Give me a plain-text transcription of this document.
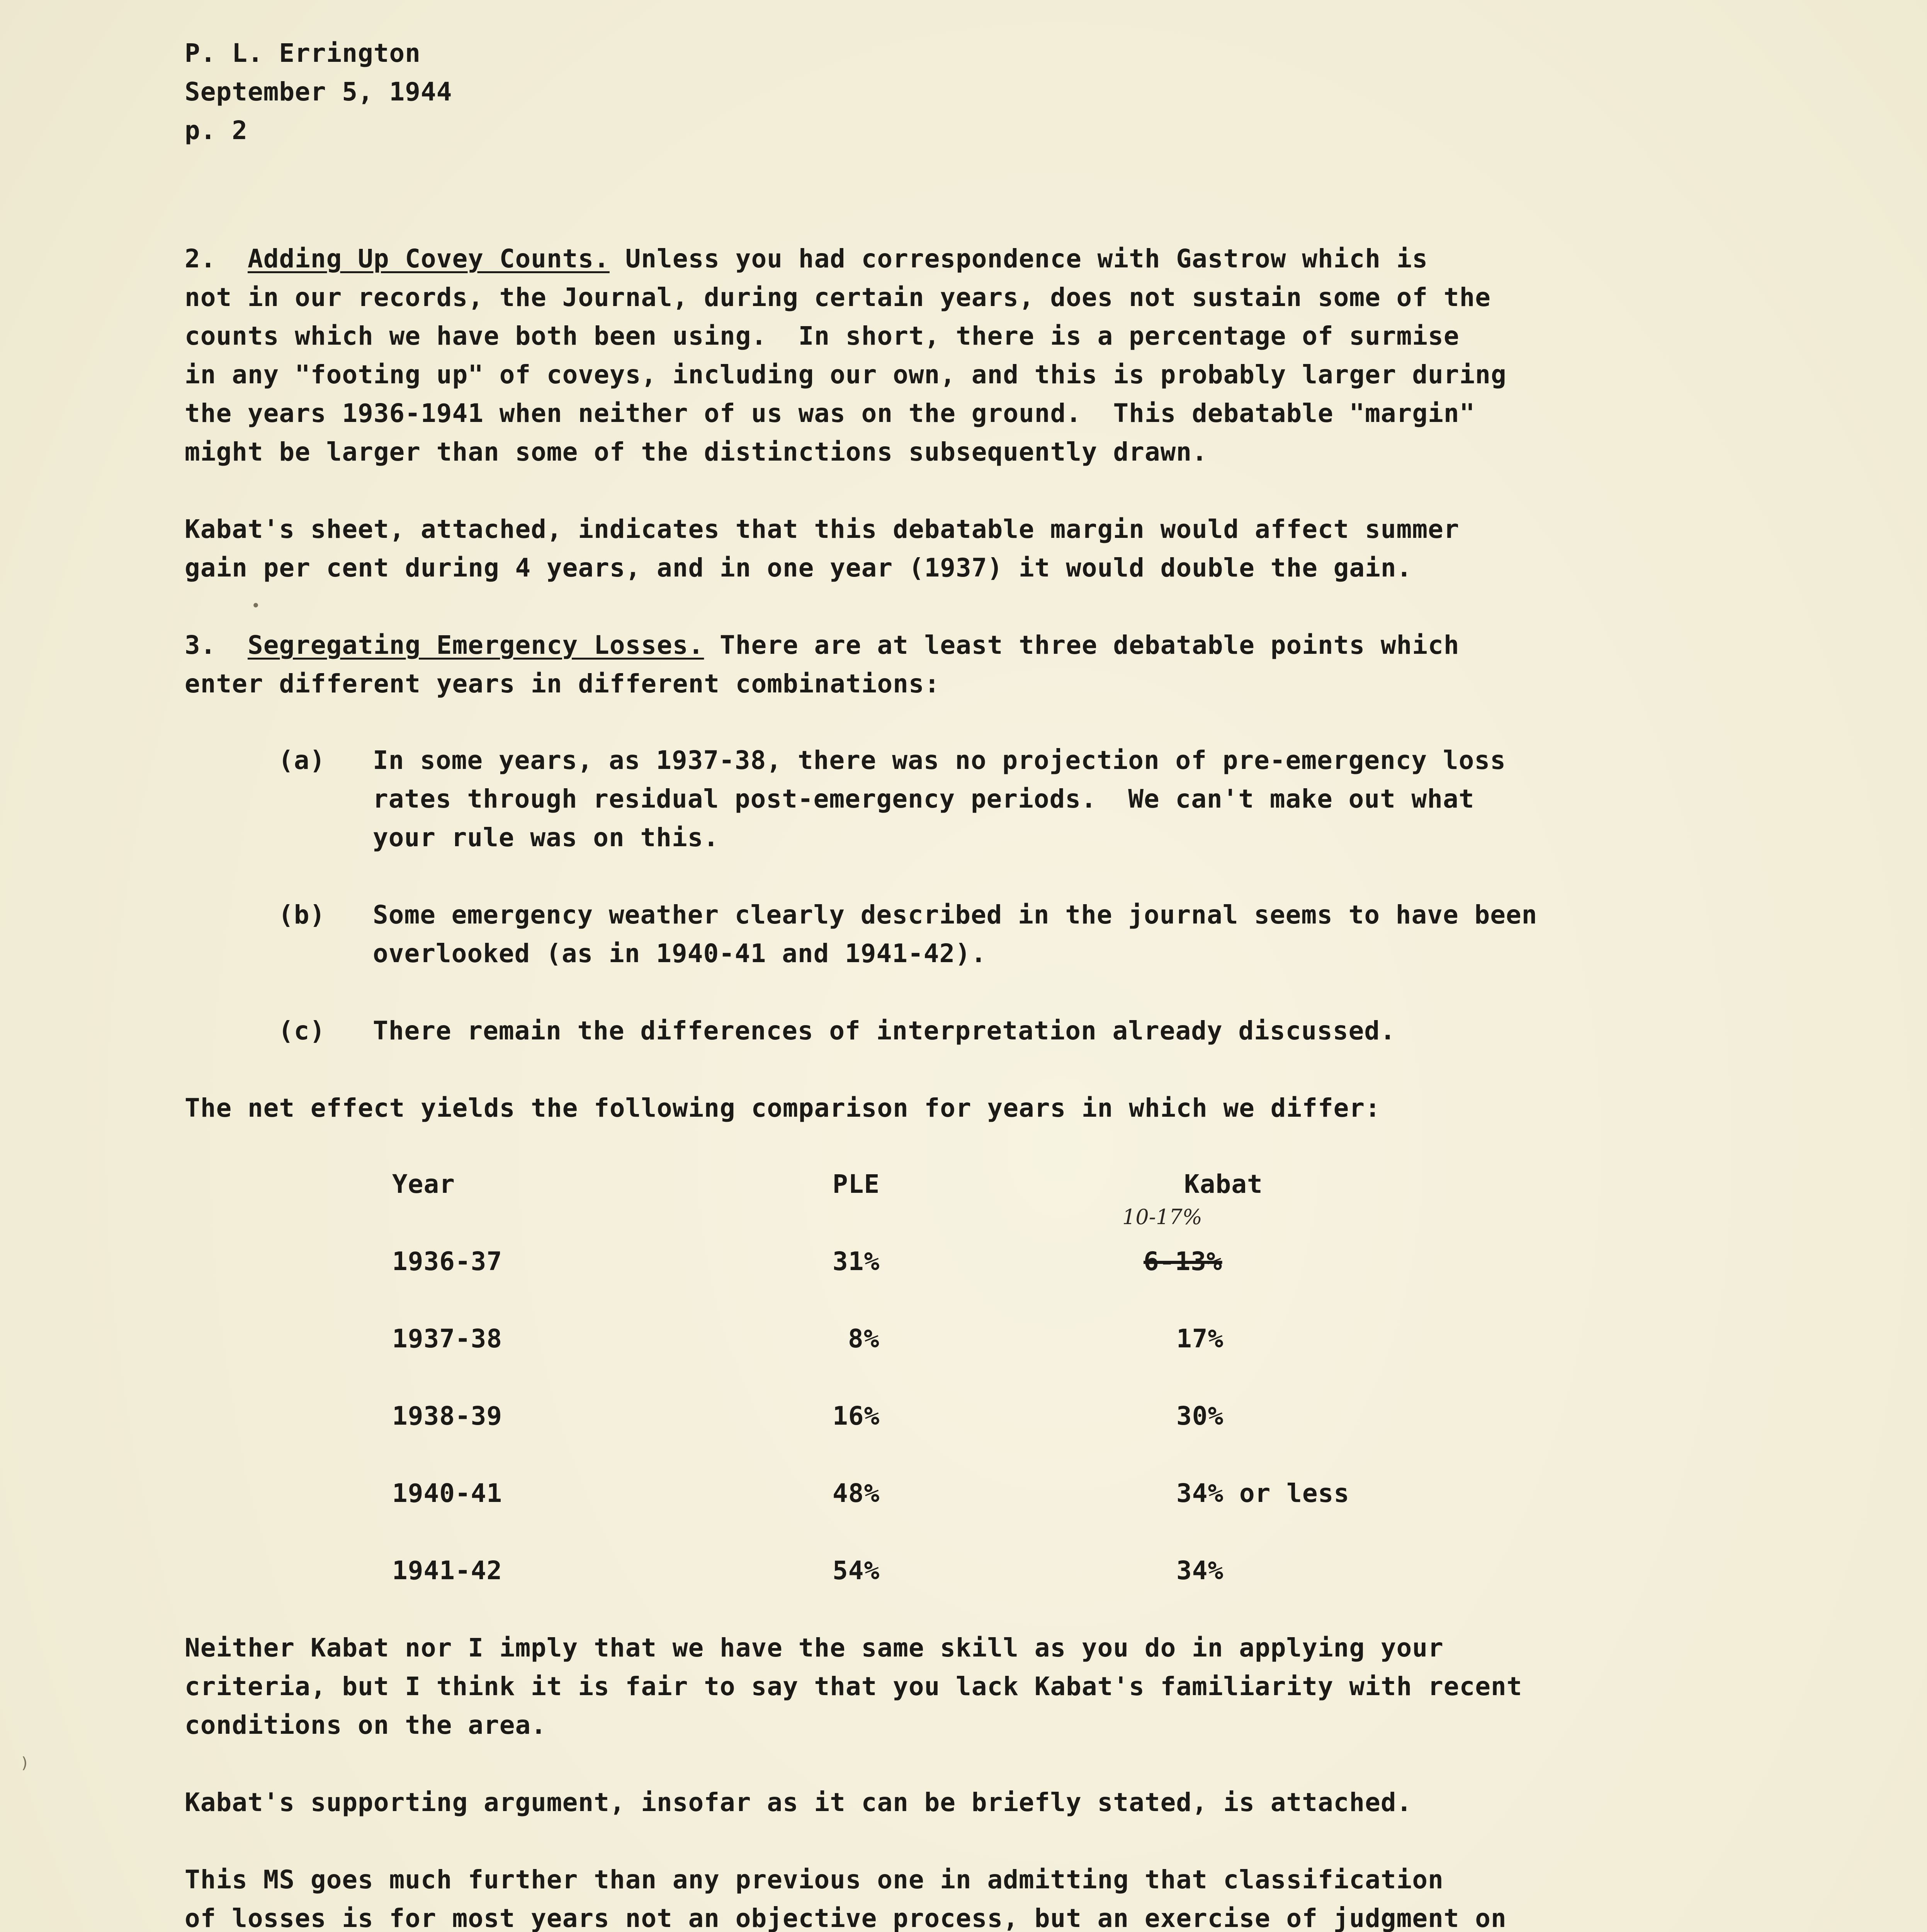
P. L. Errington
September 5, 1944
p. 2
2. Adding Up Covey Counts. Unless you had correspondence with Gastrow which is
not in our records, the Journal, during certain years, does not sustain some of the
counts which we have both been using.  In short, there is a percentage of surmise
in any "footing up" of coveys, including our own, and this is probably larger during
the years 1936-1941 when neither of us was on the ground.  This debatable "margin"
might be larger than some of the distinctions subsequently drawn.
Kabat's sheet, attached, indicates that this debatable margin would affect summer
gain per cent during 4 years, and in one year (1937) it would double the gain.
•
3. Segregating Emergency Losses. There are at least three debatable points which
enter different years in different combinations:
(a) In some years, as 1937-38, there was no projection of pre-emergency loss
rates through residual post-emergency periods.  We can't make out what
your rule was on this.
(b) Some emergency weather clearly described in the journal seems to have been
overlooked (as in 1940-41 and 1941-42).
(c) There remain the differences of interpretation already discussed.
The net effect yields the following comparison for years in which we differ:
Year	PLE	Kabat
10-17%
1936-37	31%	6-13%
1937-38	8%	17%
1938-39	16%	30%
1940-41	48%	34% or less
1941-42	54%	34%
Neither Kabat nor I imply that we have the same skill as you do in applying your
criteria, but I think it is fair to say that you lack Kabat's familiarity with recent
conditions on the area.
)
Kabat's supporting argument, insofar as it can be briefly stated, is attached.
This MS goes much further than any previous one in admitting that classification
of losses is for most years not an objective process, but an exercise of judgment on
